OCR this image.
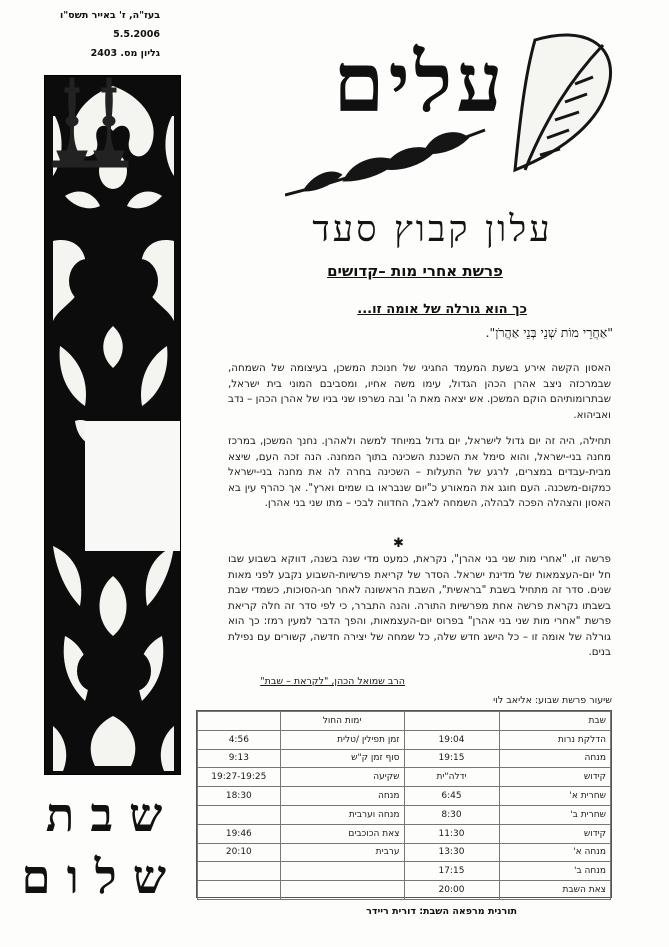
בעז"ה, ז' באייר תשס"ו
5.5.2006
גליון מס. 2403
שבת
שלום
עלים
עלון קבוץ סעד
פרשת אחרי מות –קדושים
כך הוא גורלה של אומה זו...
"אַחֲרֵי מוֹת שְׁנֵי בְּנֵי אַהֲרֹן".
האסון הקשה אירע בשעת המעמד החגיגי של חנוכת המשכן, בעיצומה של השמחה, שבמרכזה ניצב אהרן הכהן הגדול, עימו משה אחיו, ומסביבם המוני בית ישראל, שבתרומותיהם הוקם המשכן. אש יצאה מאת ה' ובה נשרפו שני בניו של אהרן הכהן – נדב ואביהוא.
תחילה, היה זה יום גדול לישראל, יום גדול במיוחד למשה ולאהרן. נחנך המשכן, במרכז מחנה בני-ישראל, והוא סימל את השכנת השכינה בתוך המחנה. הנה זכה העם, שיצא מבית-עבדים במצרים, לרגע של התעלות – השכינה בחרה לה את מחנה בני-ישראל כמקום-משכנה. העם חוגג את המאורע כ"יום שנבראו בו שמים וארץ". אך כהרף עין בא האסון והצהלה הפכה לבהלה, השמחה לאבל, החדווה לבכי – מתו שני בני אהרן.
✱
פרשה זו, "אחרי מות שני בני אהרן", נקראת, כמעט מדי שנה בשנה, דווקא בשבוע שבו חל יום-העצמאות של מדינת ישראל. הסדר של קריאת פרשיות-השבוע נקבע לפני מאות שנים. סדר זה מתחיל בשבת "בראשית", השבת הראשונה לאחר חג-הסוכות, כשמדי שבת בשבתו נקראת פרשה אחת מפרשיות התורה. והנה התברר, כי לפי סדר זה חלה קריאת פרשת "אחרי מות שני בני אהרן" בפרוס יום-העצמאות, והפך הדבר למעין רמז: כך הוא גורלה של אומה זו – כל הישג חדש שלה, כל שמחה של יצירה חדשה, קשורים עם נפילת בנים.
הרב שמואל הכהן, "לקראת – שבת"
שיעור פרשת שבוע: אליאב לוי
שבת		ימות החול	
הדלקת נרות	19:04	זמן תפילין /טלית	4:56
מנחה	19:15	סוף זמן ק"ש	9:13
קידוש	ידלה"ית	שקיעה	19:27-19:25
שחרית א'	6:45	מנחה	18:30
שחרית ב'	8:30	מנחה וערבית	
קידוש	11:30	צאת הכוכבים	19:46
מנחה א'	13:30	ערבית	20:10
מנחה ב'	17:15		
צאת השבת	20:00		
תורנית מרפאה השבת: דורית ריידר
